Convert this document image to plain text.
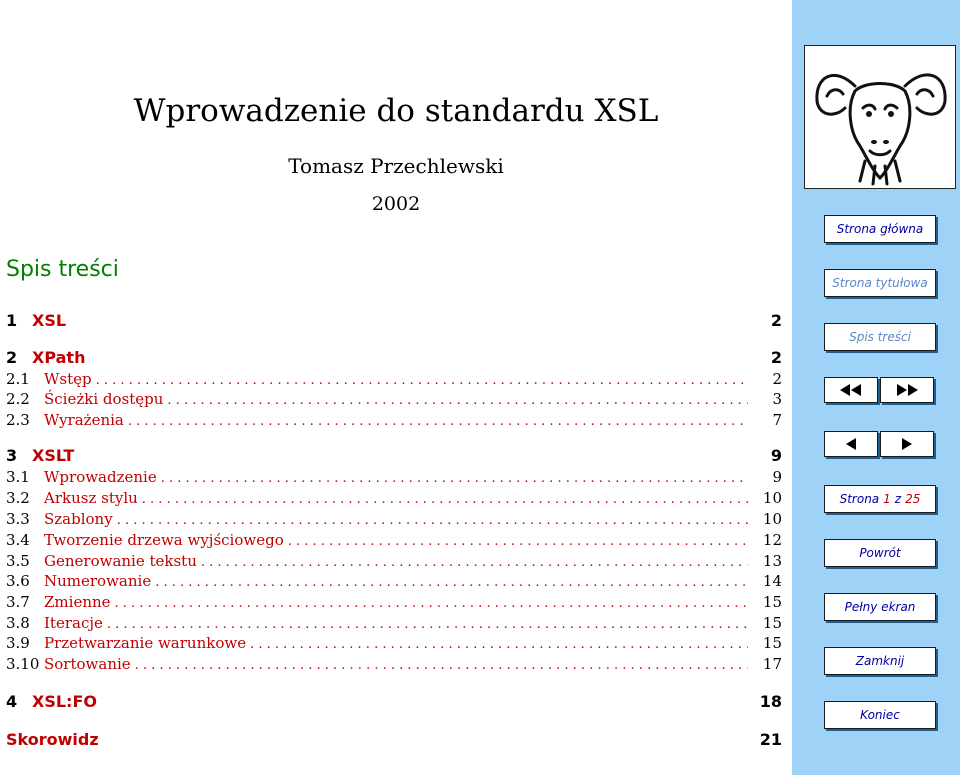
Wprowadzenie do standardu XSL
Tomasz Przechlewski
2002
Spis treści
1 XSL	2
2 XPath	2
2.1 Wstęp . . .	2
2.2 Ścieżki dostępu . . .	3
2.3 Wyrażenia . . .	7
3 XSLT	9
3.1 Wprowadzenie . . .	9
3.2 Arkusz stylu . . .	10
3.3 Szablony . . .	10
3.4 Tworzenie drzewa wyjściowego . . .	12
3.5 Generowanie tekstu . . .	13
3.6 Numerowanie . . .	14
3.7 Zmienne . . .	15
3.8 Iteracje . . .	15
3.9 Przetwarzanie warunkowe . . .	15
3.10 Sortowanie . . .	17
4 XSL:FO	18
Skorowidz	21
Strona główna
Strona tytułowa
Spis treści
Strona 1 z 25
Powrót
Pełny ekran
Zamknij
Koniec
